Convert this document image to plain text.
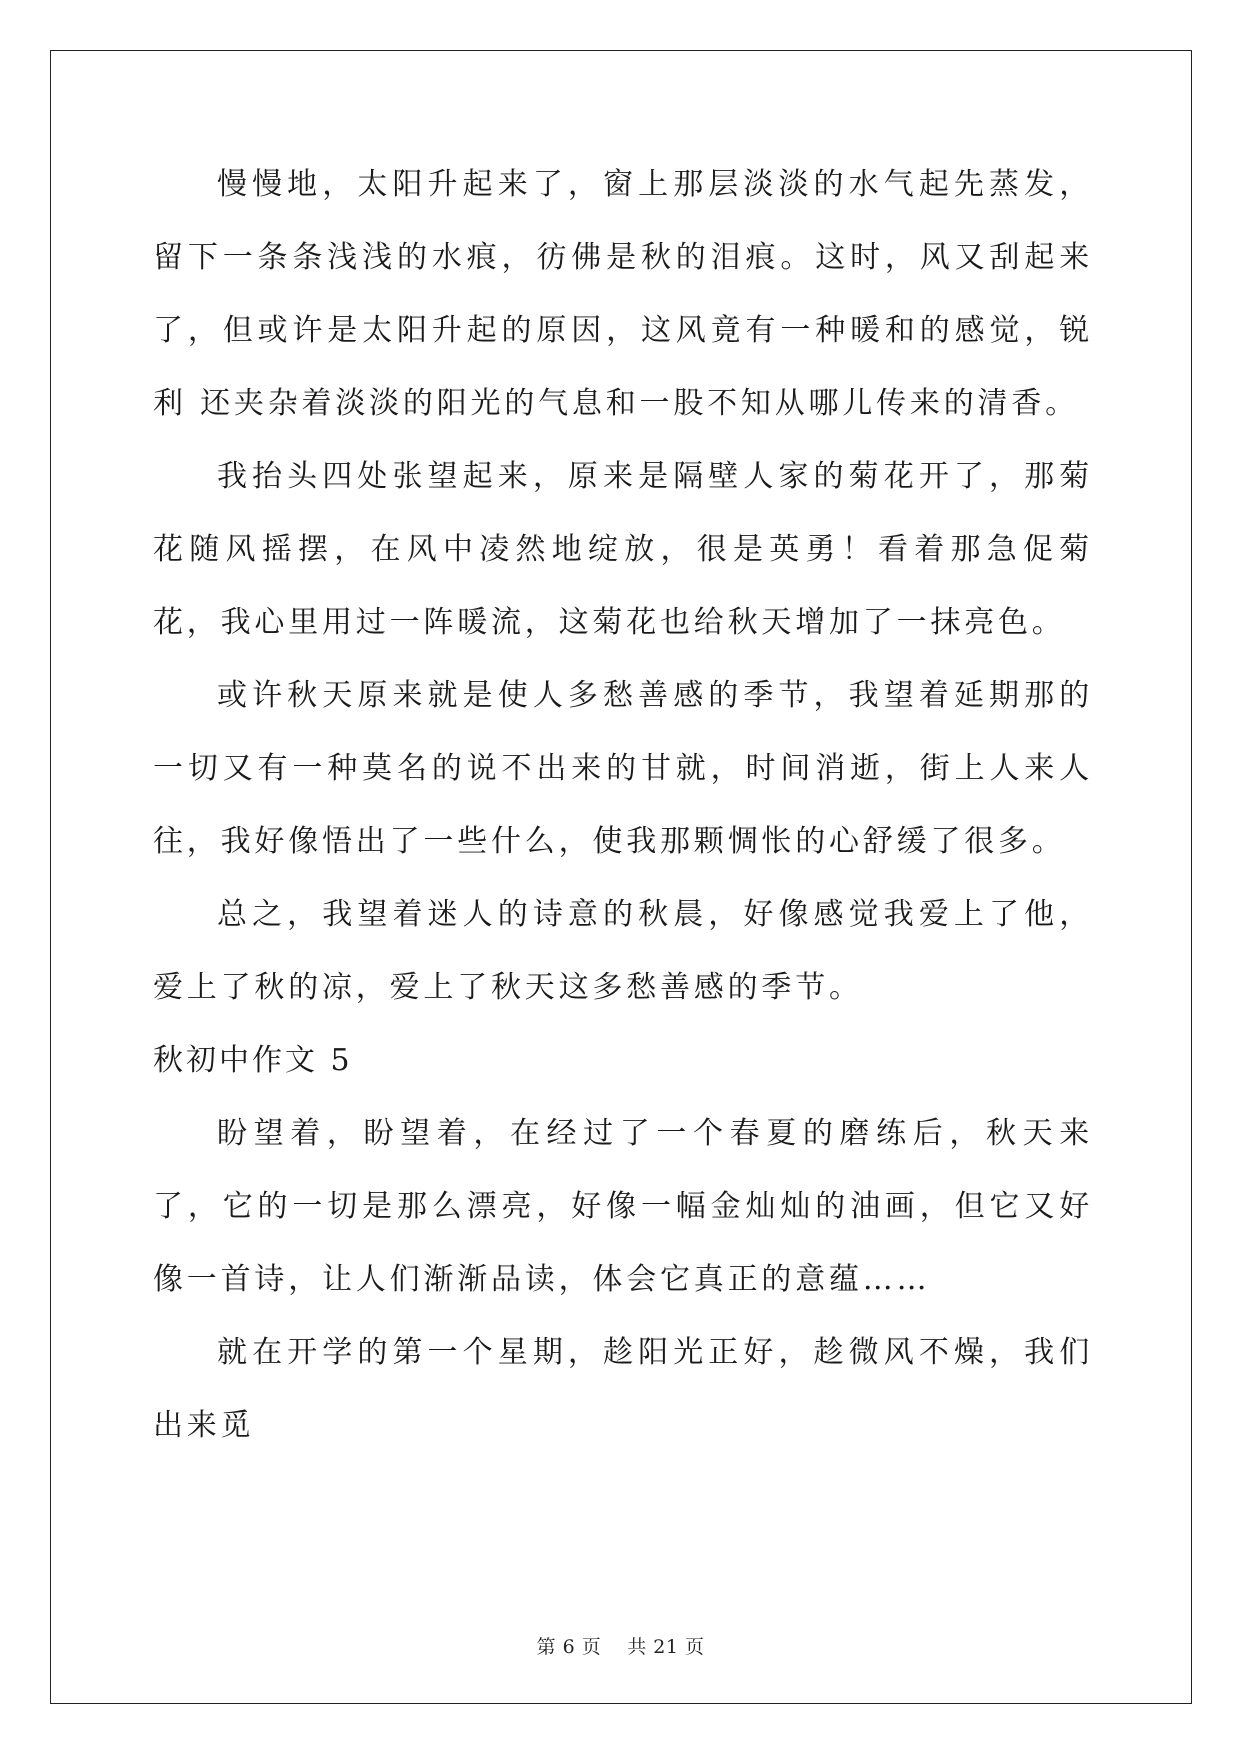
慢慢地，太阳升起来了，窗上那层淡淡的水气起先蒸发，留下一条条浅浅的水痕，彷佛是秋的泪痕。这时，风又刮起来了，但或许是太阳升起的原因，这风竟有一种暖和的感觉，锐利 还夹杂着淡淡的阳光的气息和一股不知从哪儿传来的清香。

我抬头四处张望起来，原来是隔壁人家的菊花开了，那菊花随风摇摆，在风中凌然地绽放，很是英勇！看着那急促菊花，我心里用过一阵暖流，这菊花也给秋天增加了一抹亮色。

或许秋天原来就是使人多愁善感的季节，我望着延期那的一切又有一种莫名的说不出来的甘就，时间消逝，街上人来人往，我好像悟出了一些什么，使我那颗惆怅的心舒缓了很多。

总之，我望着迷人的诗意的秋晨，好像感觉我爱上了他，爱上了秋的凉，爱上了秋天这多愁善感的季节。

秋初中作文 5

盼望着，盼望着，在经过了一个春夏的磨练后，秋天来了，它的一切是那么漂亮，好像一幅金灿灿的油画，但它又好像一首诗，让人们渐渐品读，体会它真正的意蕴……

就在开学的第一个星期，趁阳光正好，趁微风不燥，我们出来觅

第 6 页 共 21 页
